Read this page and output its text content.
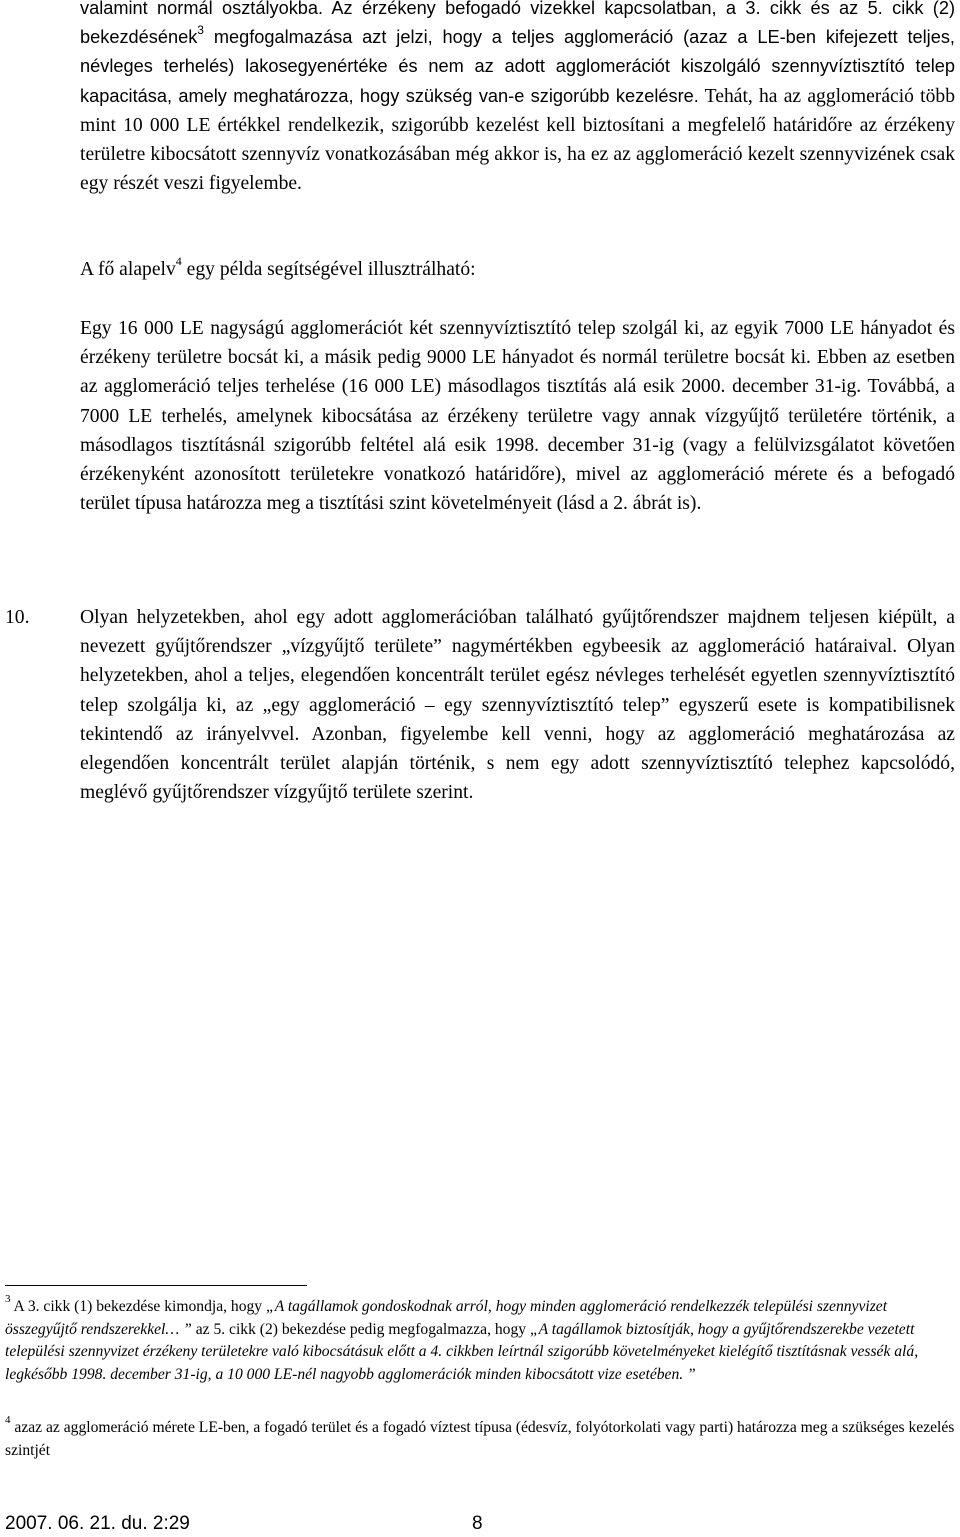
valamint normál osztályokba. Az érzékeny befogadó vizekkel kapcsolatban, a 3. cikk és az 5. cikk (2) bekezdésének$^3$ megfogalmazása azt jelzi, hogy a teljes agglomeráció (azaz a LE-ben kifejezett teljes, névleges terhelés) lakosegyenértéke és nem az adott agglomerációt kiszolgáló szennyvíztisztító telep kapacitása, amely meghatározza, hogy szükség van-e szigorúbb kezelésre. Tehát, ha az agglomeráció több mint 10 000 LE értékkel rendelkezik, szigorúbb kezelést kell biztosítani a megfelelő határidőre az érzékeny területre kibocsátott szennyvíz vonatkozásában még akkor is, ha ez az agglomeráció kezelt szennyvizének csak egy részét veszi figyelembe.

A fő alapelv$^4$ egy példa segítségével illusztrálható:

Egy 16 000 LE nagyságú agglomerációt két szennyvíztisztító telep szolgál ki, az egyik 7000 LE hányadot és érzékeny területre bocsát ki, a másik pedig 9000 LE hányadot és normál területre bocsát ki. Ebben az esetben az agglomeráció teljes terhelése (16 000 LE) másodlagos tisztítás alá esik 2000. december 31-ig. Továbbá, a 7000 LE terhelés, amelynek kibocsátása az érzékeny területre vagy annak vízgyűjtő területére történik, a másodlagos tisztításnál szigorúbb feltétel alá esik 1998. december 31-ig (vagy a felülvizsgálatot követően érzékenyként azonosított területekre vonatkozó határidőre), mivel az agglomeráció mérete és a befogadó terület típusa határozza meg a tisztítási szint követelményeit (lásd a 2. ábrát is).

10.	Olyan helyzetekben, ahol egy adott agglomerációban található gyűjtőrendszer majdnem teljesen kiépült, a nevezett gyűjtőrendszer „vízgyűjtő területe” nagymértékben egybeesik az agglomeráció határaival. Olyan helyzetekben, ahol a teljes, elegendően koncentrált terület egész névleges terhelését egyetlen szennyvíztisztító telep szolgálja ki, az „egy agglomeráció – egy szennyvíztisztító telep” egyszerű esete is kompatibilisnek tekintendő az irányelvvel. Azonban, figyelembe kell venni, hogy az agglomeráció meghatározása az elegendően koncentrált terület alapján történik, s nem egy adott szennyvíztisztító telephez kapcsolódó, meglévő gyűjtőrendszer vízgyűjtő területe szerint.

$^3$ A 3. cikk (1) bekezdése kimondja, hogy „A tagállamok gondoskodnak arról, hogy minden agglomeráció rendelkezzék települési szennyvizet összegyűjtő rendszerekkel… ” az 5. cikk (2) bekezdése pedig megfogalmazza, hogy „A tagállamok biztosítják, hogy a gyűjtőrendszerekbe vezetett települési szennyvizet érzékeny területekre való kibocsátásuk előtt a 4. cikkben leírtnál szigorúbb követelményeket kielégítő tisztításnak vessék alá, legkésőbb 1998. december 31-ig, a 10 000 LE-nél nagyobb agglomerációk minden kibocsátott vize esetében. ”

$^4$ azaz az agglomeráció mérete LE-ben, a fogadó terület és a fogadó víztest típusa (édesvíz, folyótorkolati vagy parti) határozza meg a szükséges kezelés szintjét

2007. 06. 21. du. 2:29	8
